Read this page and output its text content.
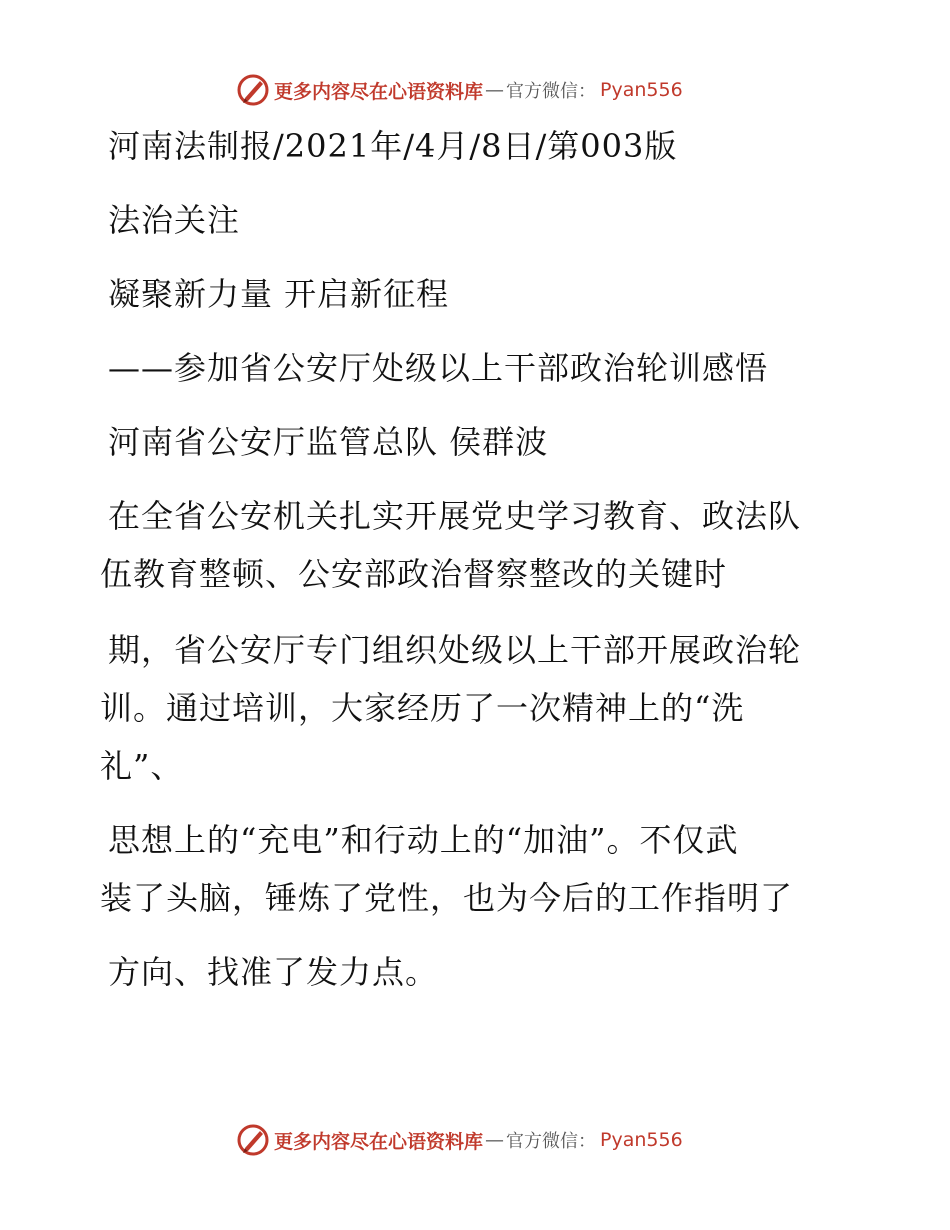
更多内容尽在心语资料库 — 官方微信： Pyan556
河南法制报/2021年/4月/8日/第003版
法治关注
凝聚新力量 开启新征程
——参加省公安厅处级以上干部政治轮训感悟
河南省公安厅监管总队 侯群波
在全省公安机关扎实开展党史学习教育、政法队
伍教育整顿、公安部政治督察整改的关键时
期，省公安厅专门组织处级以上干部开展政治轮
训。通过培训，大家经历了一次精神上的“洗
礼”、
思想上的“充电”和行动上的“加油”。不仅武
装了头脑，锤炼了党性，也为今后的工作指明了
方向、找准了发力点。
更多内容尽在心语资料库 — 官方微信： Pyan556
